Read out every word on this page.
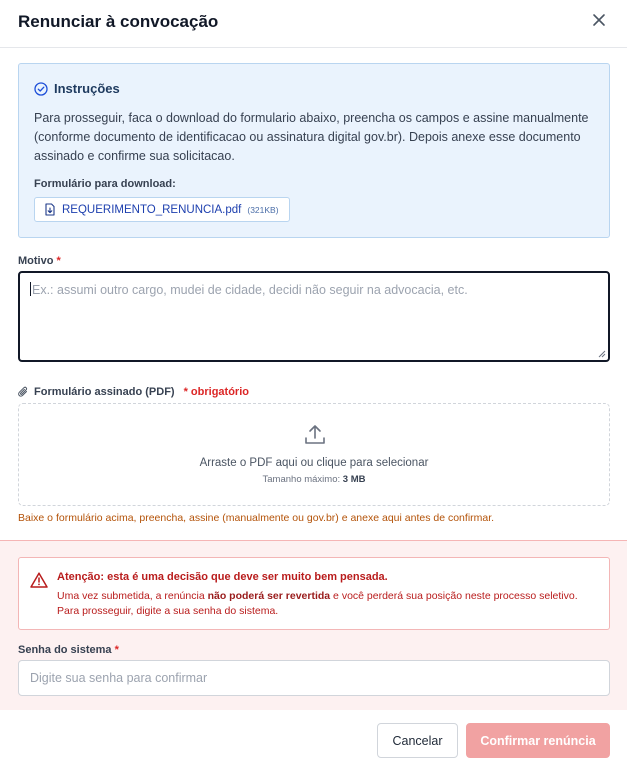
Renunciar à convocação
Instruções
Para prosseguir, faca o download do formulario abaixo, preencha os campos e assine manualmente (conforme documento de identificacao ou assinatura digital gov.br). Depois anexe esse documento assinado e confirme sua solicitacao.
Formulário para download:
REQUERIMENTO_RENUNCIA.pdf (321KB)
Motivo *
Ex.: assumi outro cargo, mudei de cidade, decidi não seguir na advocacia, etc.
Formulário assinado (PDF) * obrigatório
Arraste o PDF aqui ou clique para selecionar
Tamanho máximo: 3 MB
Baixe o formulário acima, preencha, assine (manualmente ou gov.br) e anexe aqui antes de confirmar.
Atenção: esta é uma decisão que deve ser muito bem pensada.
Uma vez submetida, a renúncia não poderá ser revertida e você perderá sua posição neste processo seletivo. Para prosseguir, digite a sua senha do sistema.
Senha do sistema *
Cancelar	Confirmar renúncia
